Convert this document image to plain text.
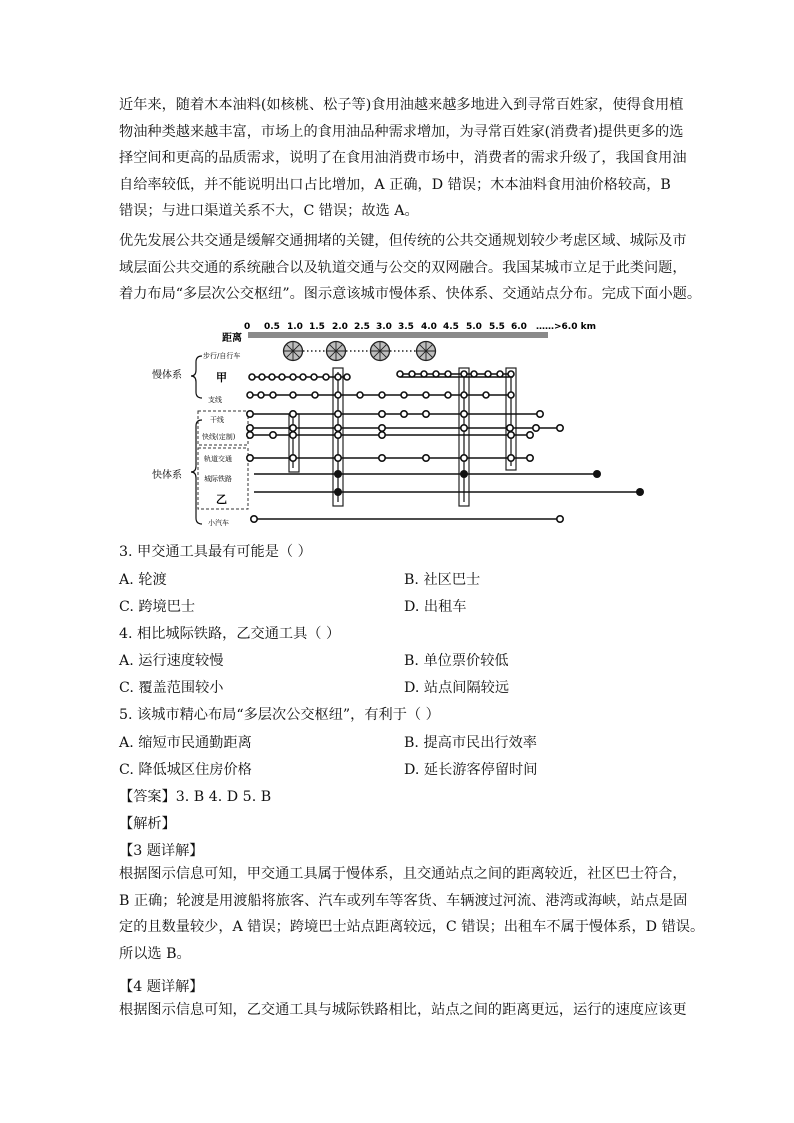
近年来，随着木本油料(如核桃、松子等)食用油越来越多地进入到寻常百姓家，使得食用植
物油种类越来越丰富，市场上的食用油品种需求增加，为寻常百姓家(消费者)提供更多的选
择空间和更高的品质需求，说明了在食用油消费市场中，消费者的需求升级了，我国食用油
自给率较低，并不能说明出口占比增加，A 正确，D 错误；木本油料食用油价格较高，B
错误；与进口渠道关系不大，C 错误；故选 A。
优先发展公共交通是缓解交通拥堵的关键，但传统的公共交通规划较少考虑区域、城际及市
域层面公共交通的系统融合以及轨道交通与公交的双网融合。我国某城市立足于此类问题，
着力布局“多层次公交枢纽”。图示意该城市慢体系、快体系、交通站点分布。完成下面小题。
距离
0 0.5 1.0 1.5 2.0 2.5 3.0 3.5 4.0 4.5 5.0 5.5 6.0 ……>6.0 km
慢体系
快体系
步行/自行车
甲
支线
干线
快线(定制)
轨道交通
城际铁路
乙
小汽车
3. 甲交通工具最有可能是（ ）
A. 轮渡	B. 社区巴士
C. 跨境巴士	D. 出租车
4. 相比城际铁路，乙交通工具（ ）
A. 运行速度较慢	B. 单位票价较低
C. 覆盖范围较小	D. 站点间隔较远
5. 该城市精心布局“多层次公交枢纽”，有利于（ ）
A. 缩短市民通勤距离	B. 提高市民出行效率
C. 降低城区住房价格	D. 延长游客停留时间
【答案】3. B 4. D 5. B
【解析】
【3 题详解】
根据图示信息可知，甲交通工具属于慢体系，且交通站点之间的距离较近，社区巴士符合，
B 正确；轮渡是用渡船将旅客、汽车或列车等客货、车辆渡过河流、港湾或海峡，站点是固
定的且数量较少，A 错误；跨境巴士站点距离较远，C 错误；出租车不属于慢体系，D 错误。
所以选 B。
【4 题详解】
根据图示信息可知，乙交通工具与城际铁路相比，站点之间的距离更远，运行的速度应该更
